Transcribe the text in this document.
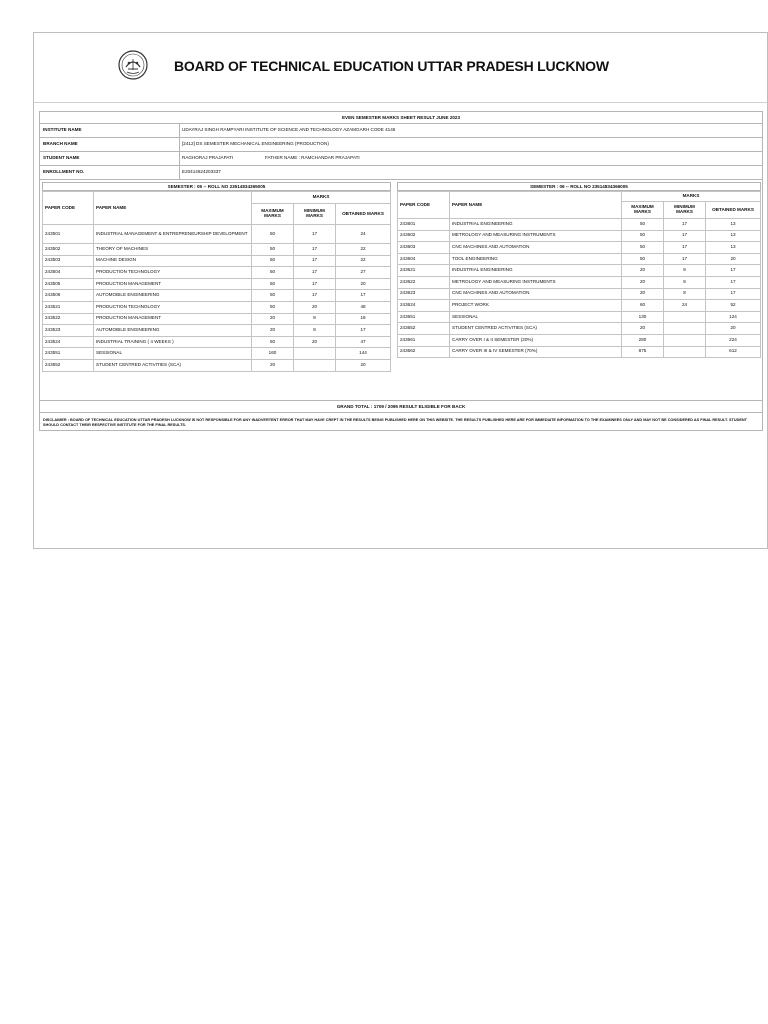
BOARD OF TECHNICAL EDUCATION UTTAR PRADESH LUCKNOW
EVEN SEMESTER MARKS SHEET RESULT JUNE 2023
INSTITUTE NAME	UDAYRAJ SINGH RAMPYARI INSTITUTE OF SCIENCE AND TECHNOLOGY AZAMGARH CODE 4146
BRANCH NAME	[2412] DS SEMESTER MECHANICAL ENGINEERING (PRODUCTION)
STUDENT NAME	RAGHORAJ PRAJAPATI	FATHER NAME : RAMCHANDAR PRAJAPATI
ENROLLMENT NO.	E20414624203337
SEMESTER : 05 -- ROLL NO 23514834365005
PAPER CODE	PAPER NAME	MARKS		
		MAXIMUM MARKS	MINIMUM MARKS	OBTAINED MARKS
243501	INDUSTRIAL MANAGEMENT & ENTREPRENEURSHIP DEVELOPMENT	50	17	24
243502	THEORY OF MACHINES	50	17	22
243503	MACHINE DESIGN	50	17	22
243504	PRODUCTION TECHNOLOGY	50	17	27
243505	PRODUCTION MANAGEMENT	50	17	20
243506	AUTOMOBILE ENGINEERING	50	17	17
243521	PRODUCTION TECHNOLOGY	50	20	48
243522	PRODUCTION MANAGEMENT	20	8	18
243523	AUTOMOBILE ENGINEERING	20	8	17
243524	INDUSTRIAL TRAINING ( 4 WEEKS )	50	20	47
243551	SESSIONAL	160		144
243552	STUDENT CENTRED ACTIVITIES (SCA)	20		20
SEMESTER : 06 -- ROLL NO 23514834366005
PAPER CODE	PAPER NAME	MARKS		
		MAXIMUM MARKS	MINIMUM MARKS	OBTAINED MARKS
243601	INDUSTRIAL ENGINEERING	50	17	13
243602	METROLOGY AND MEASURING INSTRUMENTS	50	17	13
243603	CNC MACHINES AND AUTOMATION	50	17	13
243604	TOOL ENGINEERING	50	17	20
243621	INDUSTRIAL ENGINEERING	20	8	17
243622	METROLOGY AND MEASURING INSTRUMENTS	20	8	17
243623	CNC MACHINES AND AUTOMATION	20	8	17
243624	PROJECT WORK	60	24	52
243651	SESSIONAL	130		124
243652	STUDENT CENTRED ACTIVITIES (SCA)	20		20
243661	CARRY OVER I & II SEMESTER (20%)	280		224
243662	CARRY OVER III & IV SEMESTER (70%)	875		612
GRAND TOTAL : 1709 / 2095 RESULT ELIGIBLE FOR BACK
DISCLAIMER : BOARD OF TECHNICAL EDUCATION UTTAR PRADESH LUCKNOW IS NOT RESPONSIBLE FOR ANY INADVERTENT ERROR THAT MAY HAVE CREPT IN THE RESULTS BEING PUBLISHED HERE ON THIS WEBSITE. THE RESULTS PUBLISHED HERE ARE FOR IMMEDIATE INFORMATION TO THE EXAMINEES ONLY AND MAY NOT BE CONSIDERED AS FINAL RESULT. STUDENT SHOULD CONTACT THEIR RESPECTIVE INSTITUTE FOR THE FINAL RESULTS.
